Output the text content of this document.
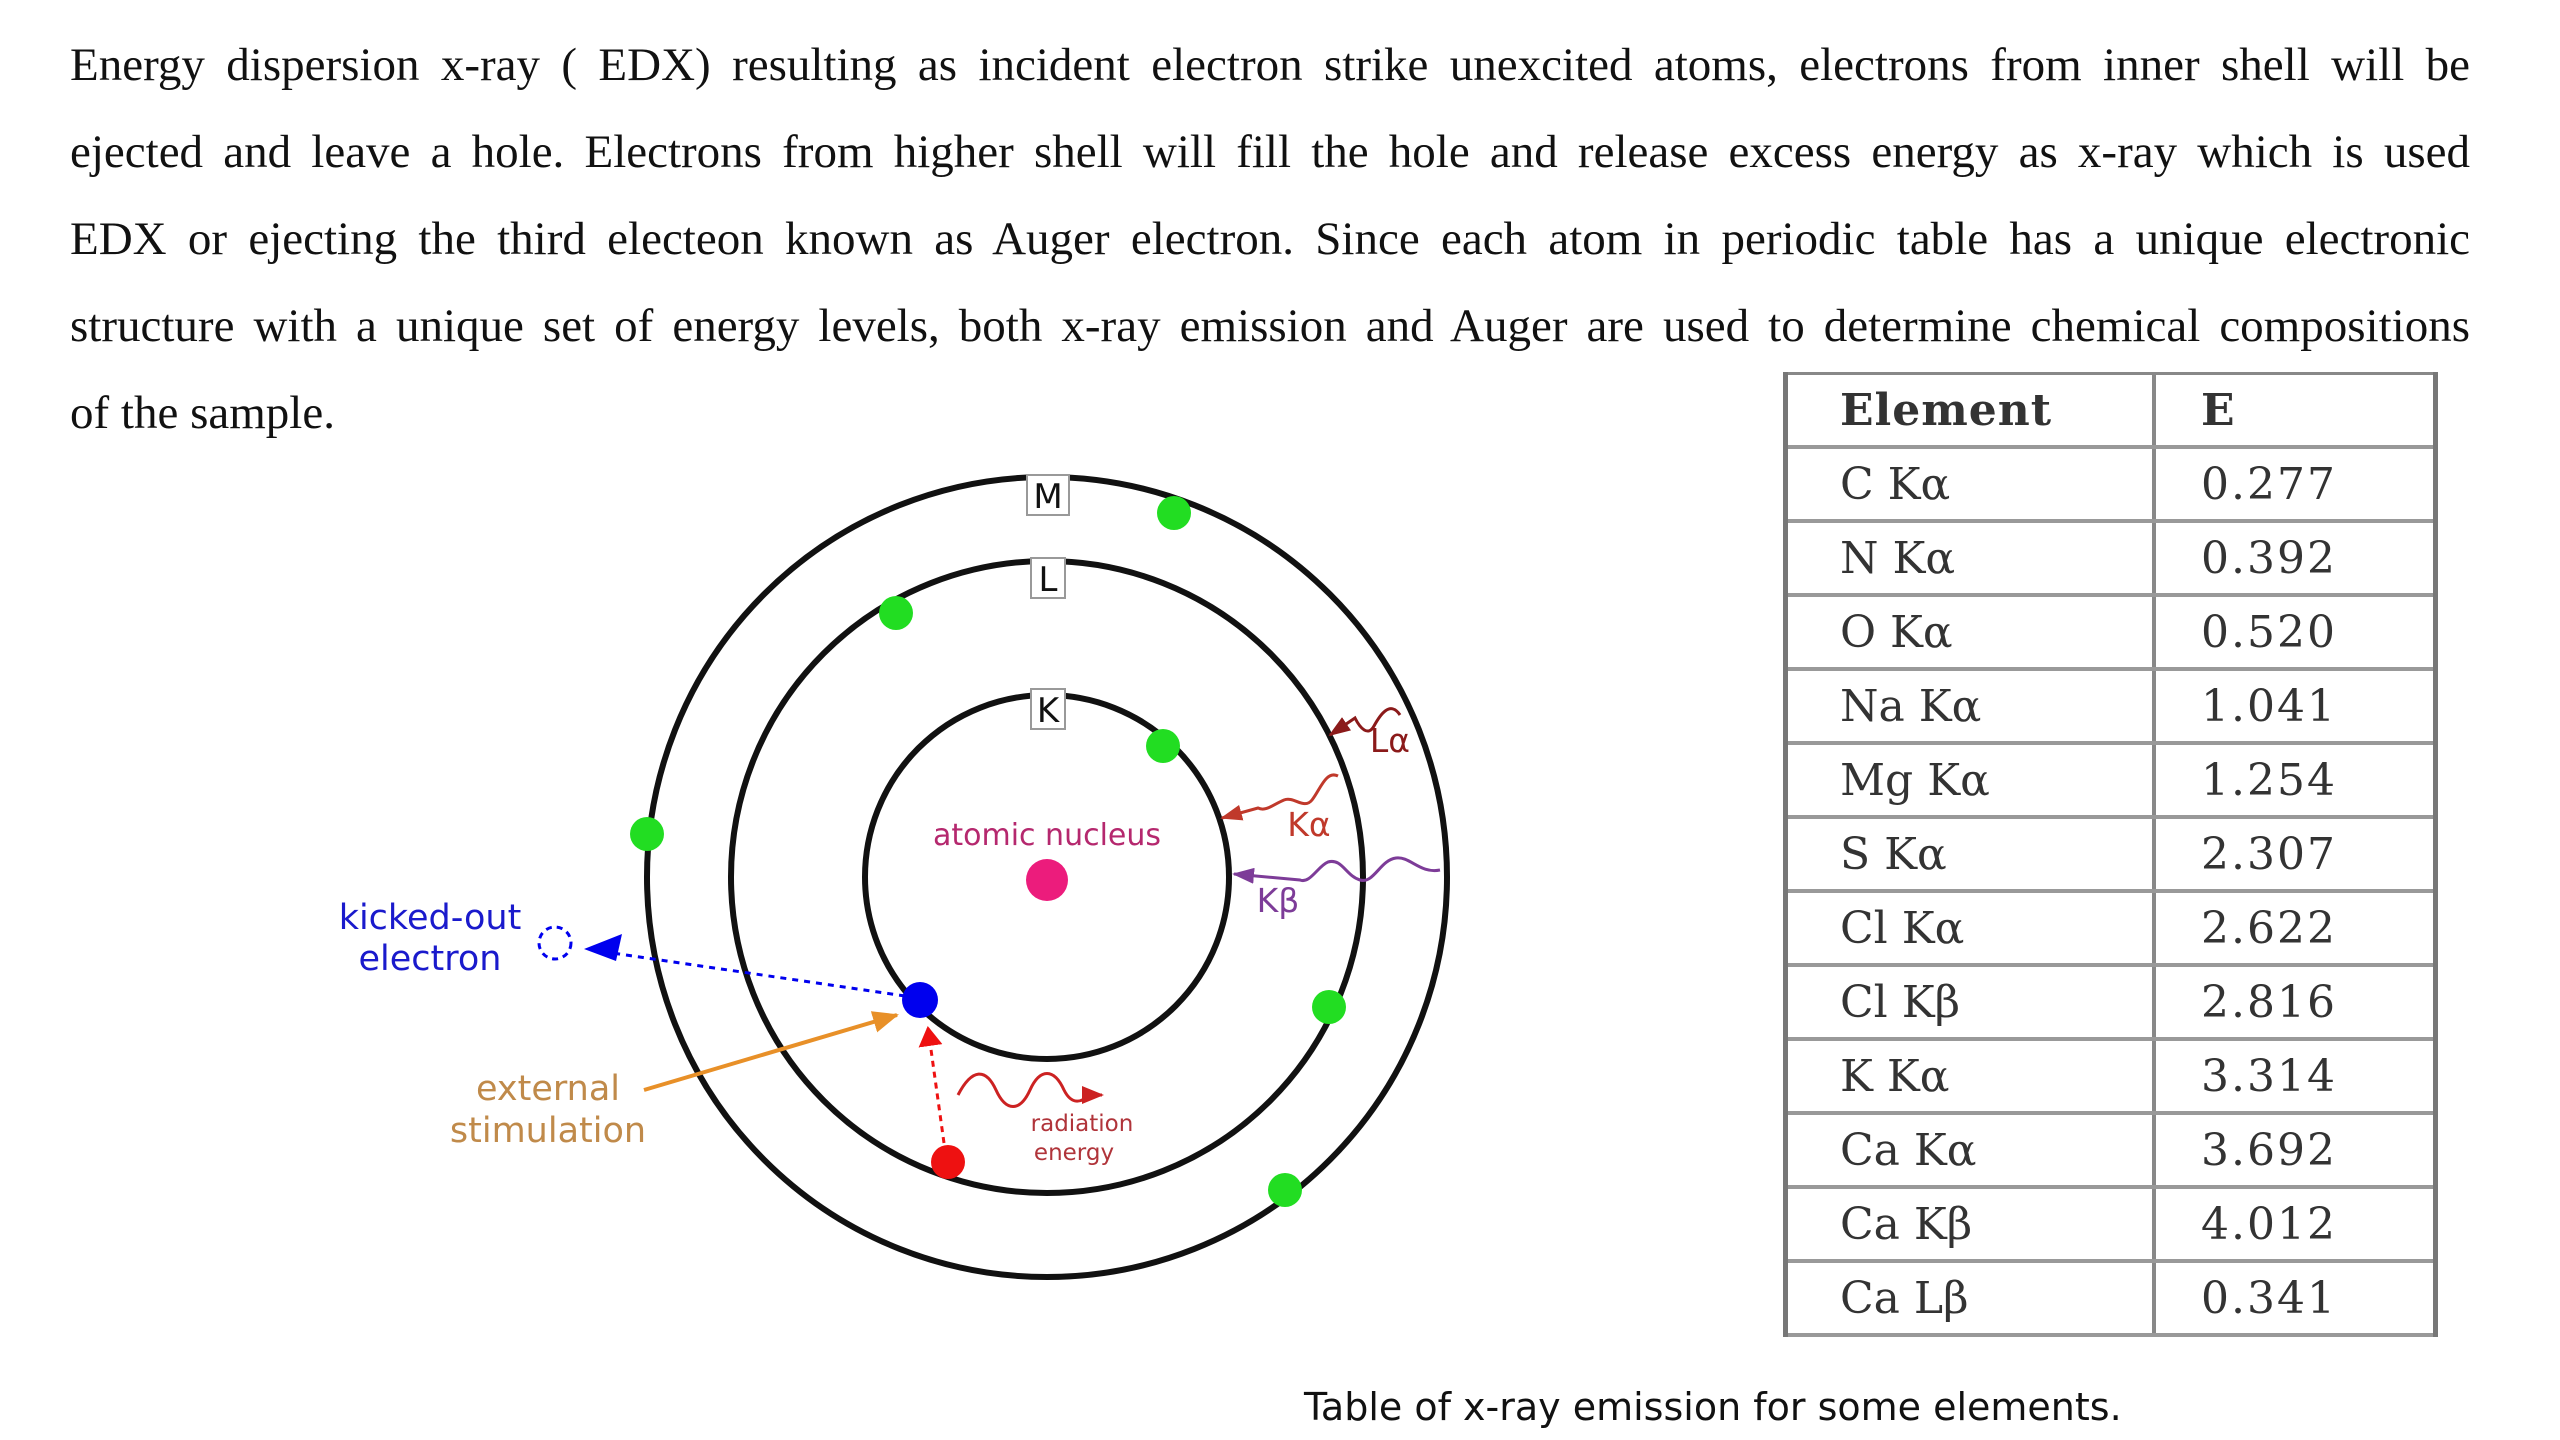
Energy dispersion x-ray ( EDX) resulting as incident electron strike unexcited atoms, electrons from inner shell will be
ejected and leave a hole. Electrons from higher shell will fill the hole and release excess energy as x-ray which is used
EDX or ejecting the third electeon known as Auger electron. Since each atom in periodic table has a unique electronic
structure with a unique set of energy levels, both x-ray emission and Auger are used to determine chemical compositions
of the sample.
K
L
M
atomic nucleus
kicked-out
electron
external
stimulation	radiation
energy
Lα
Kα
Kβ
Element	E
C Kα	0.277
N Kα	0.392
O Kα	0.520
Na Kα	1.041
Mg Kα	1.254
S Kα	2.307
Cl Kα	2.622
Cl Kβ	2.816
K Kα	3.314
Ca Kα	3.692
Ca Kβ	4.012
Ca Lβ	0.341
Table of x-ray emission for some elements.
